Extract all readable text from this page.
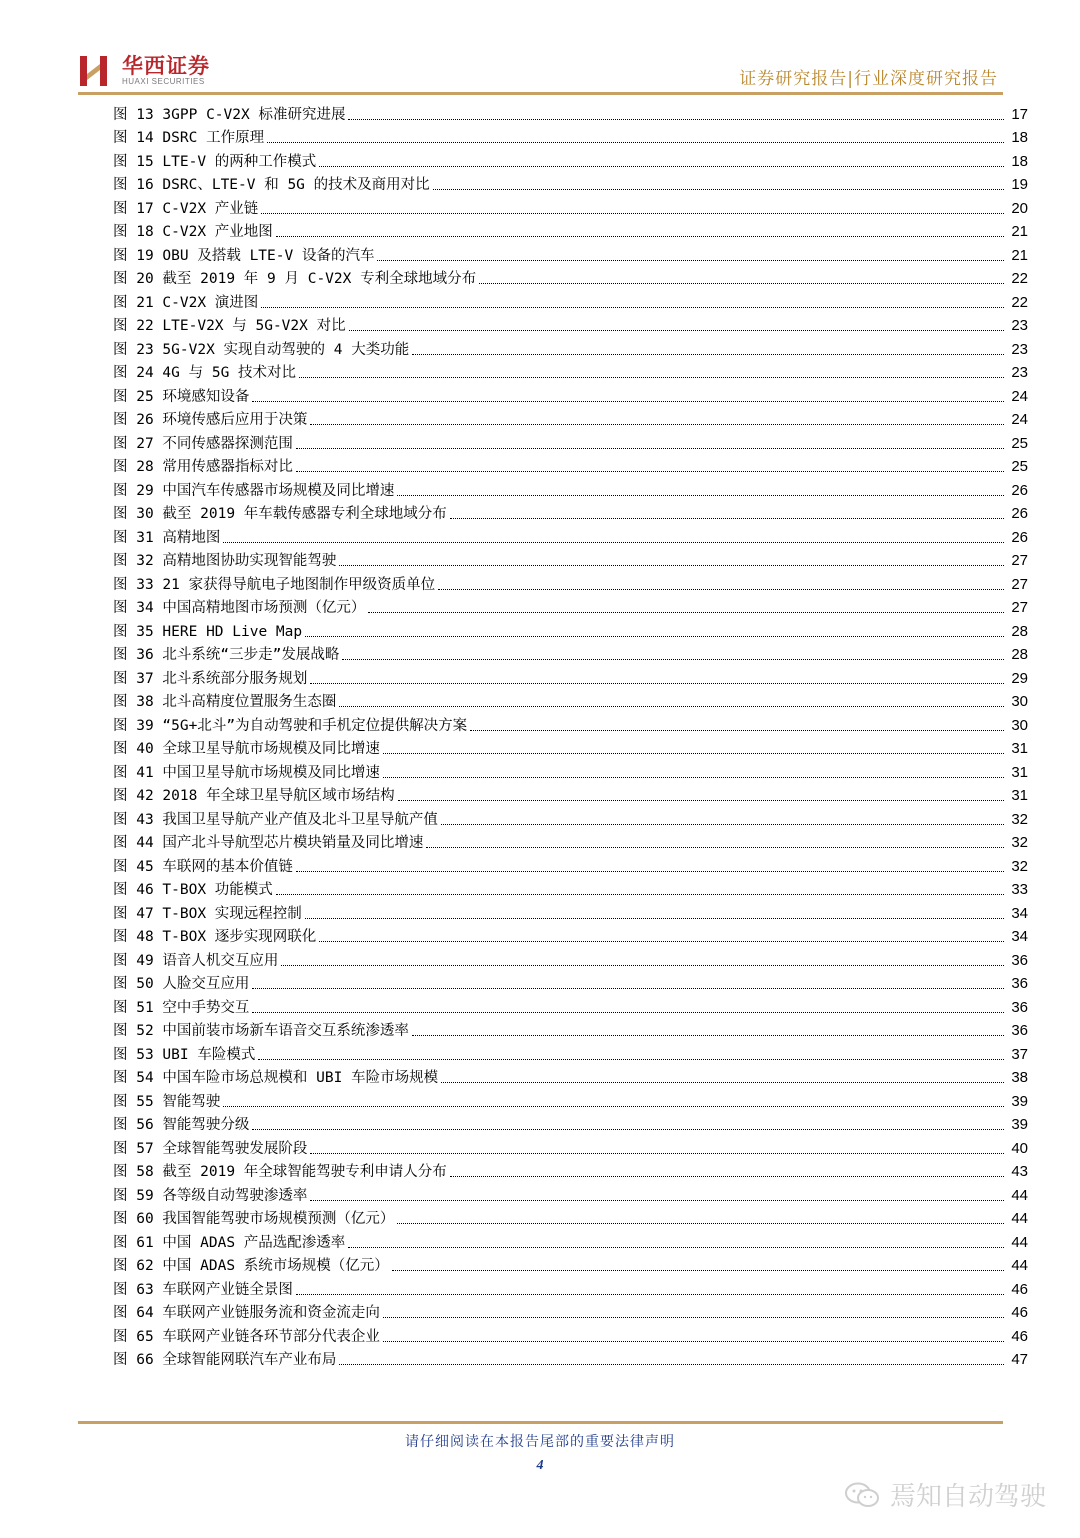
华西证券
HUAXI SECURITIES	证券研究报告|行业深度研究报告
图 13 3GPP C-V2X 标准研究进展	17
图 14 DSRC 工作原理	18
图 15 LTE-V 的两种工作模式	18
图 16 DSRC、LTE-V 和 5G 的技术及商用对比	19
图 17 C-V2X 产业链	20
图 18 C-V2X 产业地图	21
图 19 OBU 及搭载 LTE-V 设备的汽车	21
图 20 截至 2019 年 9 月 C-V2X 专利全球地域分布	22
图 21 C-V2X 演进图	22
图 22 LTE-V2X 与 5G-V2X 对比	23
图 23 5G-V2X 实现自动驾驶的 4 大类功能	23
图 24 4G 与 5G 技术对比	23
图 25 环境感知设备	24
图 26 环境传感后应用于决策	24
图 27 不同传感器探测范围	25
图 28 常用传感器指标对比	25
图 29 中国汽车传感器市场规模及同比增速	26
图 30 截至 2019 年车载传感器专利全球地域分布	26
图 31 高精地图	26
图 32 高精地图协助实现智能驾驶	27
图 33 21 家获得导航电子地图制作甲级资质单位	27
图 34 中国高精地图市场预测（亿元）	27
图 35 HERE HD Live Map	28
图 36 北斗系统“三步走”发展战略	28
图 37 北斗系统部分服务规划	29
图 38 北斗高精度位置服务生态圈	30
图 39 “5G+北斗”为自动驾驶和手机定位提供解决方案	30
图 40 全球卫星导航市场规模及同比增速	31
图 41 中国卫星导航市场规模及同比增速	31
图 42 2018 年全球卫星导航区域市场结构	31
图 43 我国卫星导航产业产值及北斗卫星导航产值	32
图 44 国产北斗导航型芯片模块销量及同比增速	32
图 45 车联网的基本价值链	32
图 46 T-BOX 功能模式	33
图 47 T-BOX 实现远程控制	34
图 48 T-BOX 逐步实现网联化	34
图 49 语音人机交互应用	36
图 50 人脸交互应用	36
图 51 空中手势交互	36
图 52 中国前装市场新车语音交互系统渗透率	36
图 53 UBI 车险模式	37
图 54 中国车险市场总规模和 UBI 车险市场规模	38
图 55 智能驾驶	39
图 56 智能驾驶分级	39
图 57 全球智能驾驶发展阶段	40
图 58 截至 2019 年全球智能驾驶专利申请人分布	43
图 59 各等级自动驾驶渗透率	44
图 60 我国智能驾驶市场规模预测（亿元）	44
图 61 中国 ADAS 产品选配渗透率	44
图 62 中国 ADAS 系统市场规模（亿元）	44
图 63 车联网产业链全景图	46
图 64 车联网产业链服务流和资金流走向	46
图 65 车联网产业链各环节部分代表企业	46
图 66 全球智能网联汽车产业布局	47
请仔细阅读在本报告尾部的重要法律声明
4
焉知自动驾驶
